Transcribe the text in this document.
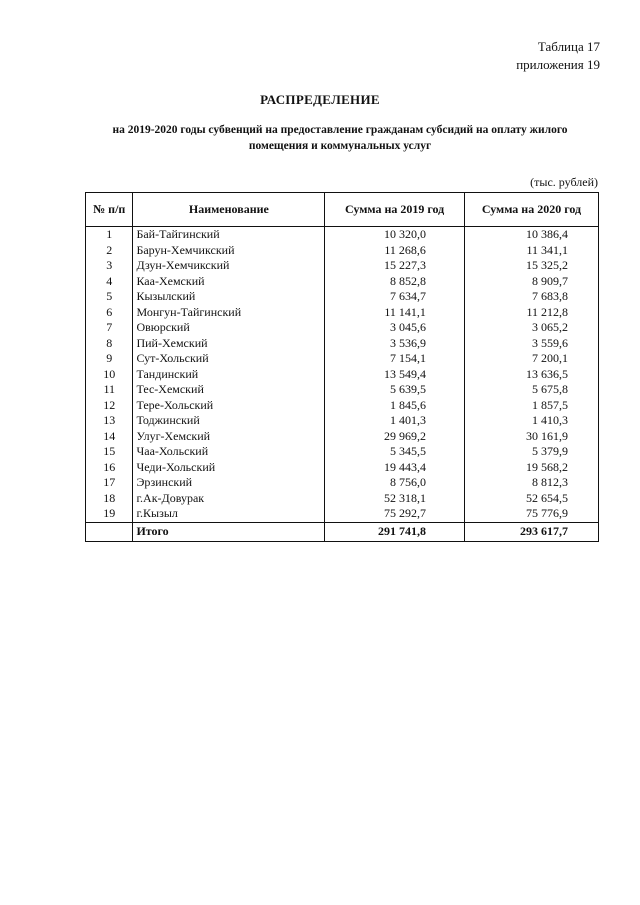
Таблица 17
приложения 19
РАСПРЕДЕЛЕНИЕ
на 2019-2020 годы субвенций на предоставление гражданам субсидий на оплату жилого
помещения и коммунальных услуг
(тыс. рублей)
№ п/п	Наименование	Сумма на 2019 год	Сумма на 2020 год
1	Бай-Тайгинский	10 320,0	10 386,4
2	Барун-Хемчикский	11 268,6	11 341,1
3	Дзун-Хемчикский	15 227,3	15 325,2
4	Каа-Хемский	8 852,8	8 909,7
5	Кызылский	7 634,7	7 683,8
6	Монгун-Тайгинский	11 141,1	11 212,8
7	Овюрский	3 045,6	3 065,2
8	Пий-Хемский	3 536,9	3 559,6
9	Сут-Хольский	7 154,1	7 200,1
10	Тандинский	13 549,4	13 636,5
11	Тес-Хемский	5 639,5	5 675,8
12	Тере-Хольский	1 845,6	1 857,5
13	Тоджинский	1 401,3	1 410,3
14	Улуг-Хемский	29 969,2	30 161,9
15	Чаа-Хольский	5 345,5	5 379,9
16	Чеди-Хольский	19 443,4	19 568,2
17	Эрзинский	8 756,0	8 812,3
18	г.Ак-Довурак	52 318,1	52 654,5
19	г.Кызыл	75 292,7	75 776,9
	Итого	291 741,8	293 617,7
